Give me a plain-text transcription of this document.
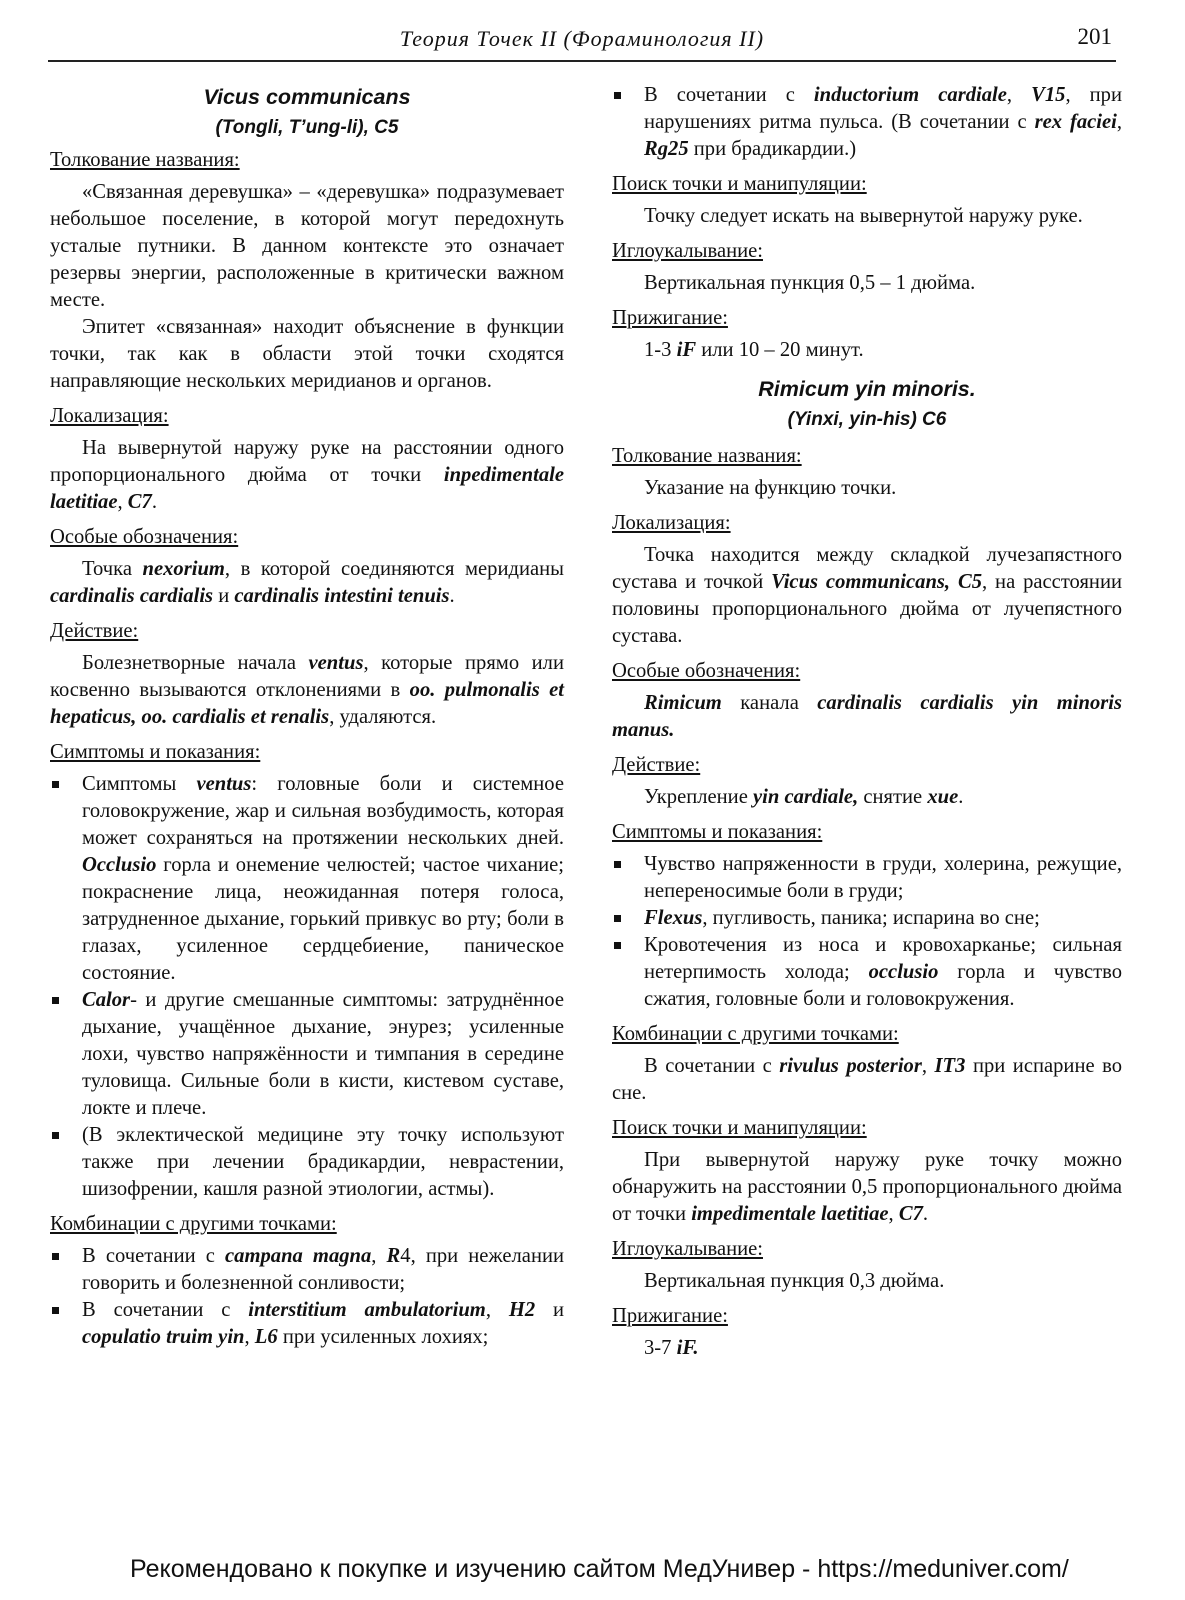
Теория Точек II (Фораминология II)	201
Vicus communicans
(Tongli, T’ung-li), C5
Толкование названия:
«Связанная деревушка» – «деревушка» подразумевает небольшое поселение, в которой могут передохнуть усталые путники. В данном контексте это означает резервы энергии, расположенные в критически важном месте.
Эпитет «связанная» находит объяснение в функции точки, так как в области этой точки сходятся направляющие нескольких меридианов и органов.
Локализация:
На вывернутой наружу руке на расстоянии одного пропорционального дюйма от точки inpedimentale laetitiae, C7.
Особые обозначения:
Точка nexorium, в которой соединяются меридианы cardinalis cardialis и cardinalis intestini tenuis.
Действие:
Болезнетворные начала ventus, которые прямо или косвенно вызываются отклонениями в oo. pulmonalis et hepaticus, oo. cardialis et renalis, удаляются.
Симптомы и показания:
Симптомы ventus: головные боли и системное головокружение, жар и сильная возбудимость, которая может сохраняться на протяжении нескольких дней. Occlusio горла и онемение челюстей; частое чихание; покраснение лица, неожиданная потеря голоса, затрудненное дыхание, горький привкус во рту; боли в глазах, усиленное сердцебиение, паническое состояние.
Calor- и другие смешанные симптомы: затруднённое дыхание, учащённое дыхание, энурез; усиленные лохи, чувство напряжённости и тимпания в середине туловища. Сильные боли в кисти, кистевом суставе, локте и плече.
(В эклектической медицине эту точку используют также при лечении брадикардии, неврастении, шизофрении, кашля разной этиологии, астмы).
Комбинации с другими точками:
В сочетании с campana magna, R4, при нежелании говорить и болезненной сонливости;
В сочетании с interstitium ambulatorium, H2 и copulatio truim yin, L6 при усиленных лохиях;
В сочетании с inductorium cardiale, V15, при нарушениях ритма пульса. (В сочетании с rex faciei, Rg25 при брадикардии.)
Поиск точки и манипуляции:
Точку следует искать на вывернутой наружу руке.
Иглоукалывание:
Вертикальная пункция 0,5 – 1 дюйма.
Прижигание:
1-3 iF или 10 – 20 минут.
Rimicum yin minoris.
(Yinxi, yin-his) C6
Толкование названия:
Указание на функцию точки.
Локализация:
Точка находится между складкой лучезапястного сустава и точкой Vicus communicans, C5, на расстоянии половины пропорционального дюйма от лучепястного сустава.
Особые обозначения:
Rimicum канала cardinalis cardialis yin minoris manus.
Действие:
Укрепление yin cardiale, снятие xue.
Симптомы и показания:
Чувство напряженности в груди, холерина, режущие, непереносимые боли в груди;
Flexus, пугливость, паника; испарина во сне;
Кровотечения из носа и кровохарканье; сильная нетерпимость холода; occlusio горла и чувство сжатия, головные боли и головокружения.
Комбинации с другими точками:
В сочетании с rivulus posterior, IT3 при испарине во сне.
Поиск точки и манипуляции:
При вывернутой наружу руке точку можно обнаружить на расстоянии 0,5 пропорционального дюйма от точки impedimentale laetitiae, C7.
Иглоукалывание:
Вертикальная пункция 0,3 дюйма.
Прижигание:
3-7 iF.
Рекомендовано к покупке и изучению сайтом МедУнивер - https://meduniver.com/
